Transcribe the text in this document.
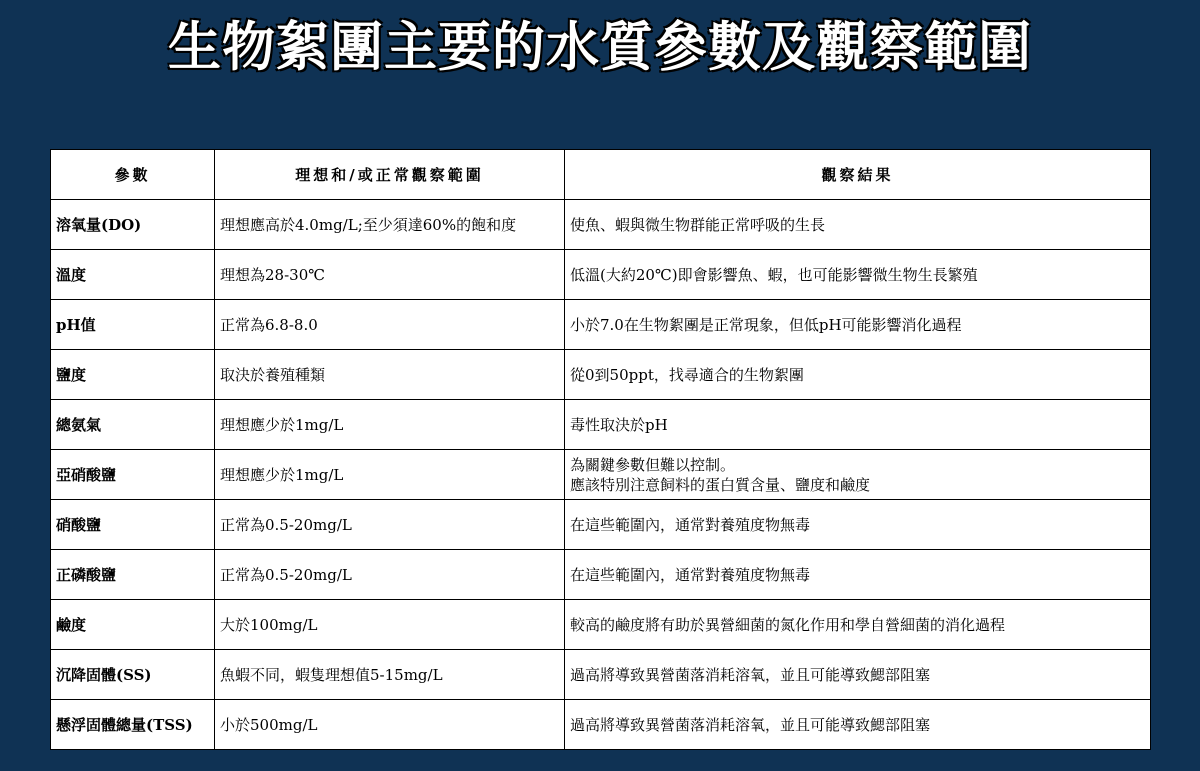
生物絮團主要的水質參數及觀察範圍
參數	理想和/或正常觀察範圍	觀察結果
溶氧量(DO)	理想應高於4.0mg/L;至少須達60%的飽和度	使魚、蝦與微生物群能正常呼吸的生長
溫度	理想為28-30℃	低溫(大約20℃)即會影響魚、蝦，也可能影響微生物生長繁殖
pH值	正常為6.8-8.0	小於7.0在生物絮團是正常現象，但低pH可能影響消化過程
鹽度	取決於養殖種類	從0到50ppt，找尋適合的生物絮團
總氨氣	理想應少於1mg/L	毒性取決於pH
亞硝酸鹽	理想應少於1mg/L	為關鍵參數但難以控制。
應該特別注意飼料的蛋白質含量、鹽度和鹼度

硝酸鹽	正常為0.5-20mg/L	在這些範圍內，通常對養殖度物無毒
正磷酸鹽	正常為0.5-20mg/L	在這些範圍內，通常對養殖度物無毒
鹼度	大於100mg/L	較高的鹼度將有助於異營細菌的氮化作用和學自營細菌的消化過程
沉降固體(SS)	魚蝦不同，蝦隻理想值5-15mg/L	過高將導致異營菌落消耗溶氧，並且可能導致鰓部阻塞
懸浮固體總量(TSS)	小於500mg/L	過高將導致異營菌落消耗溶氧，並且可能導致鰓部阻塞
